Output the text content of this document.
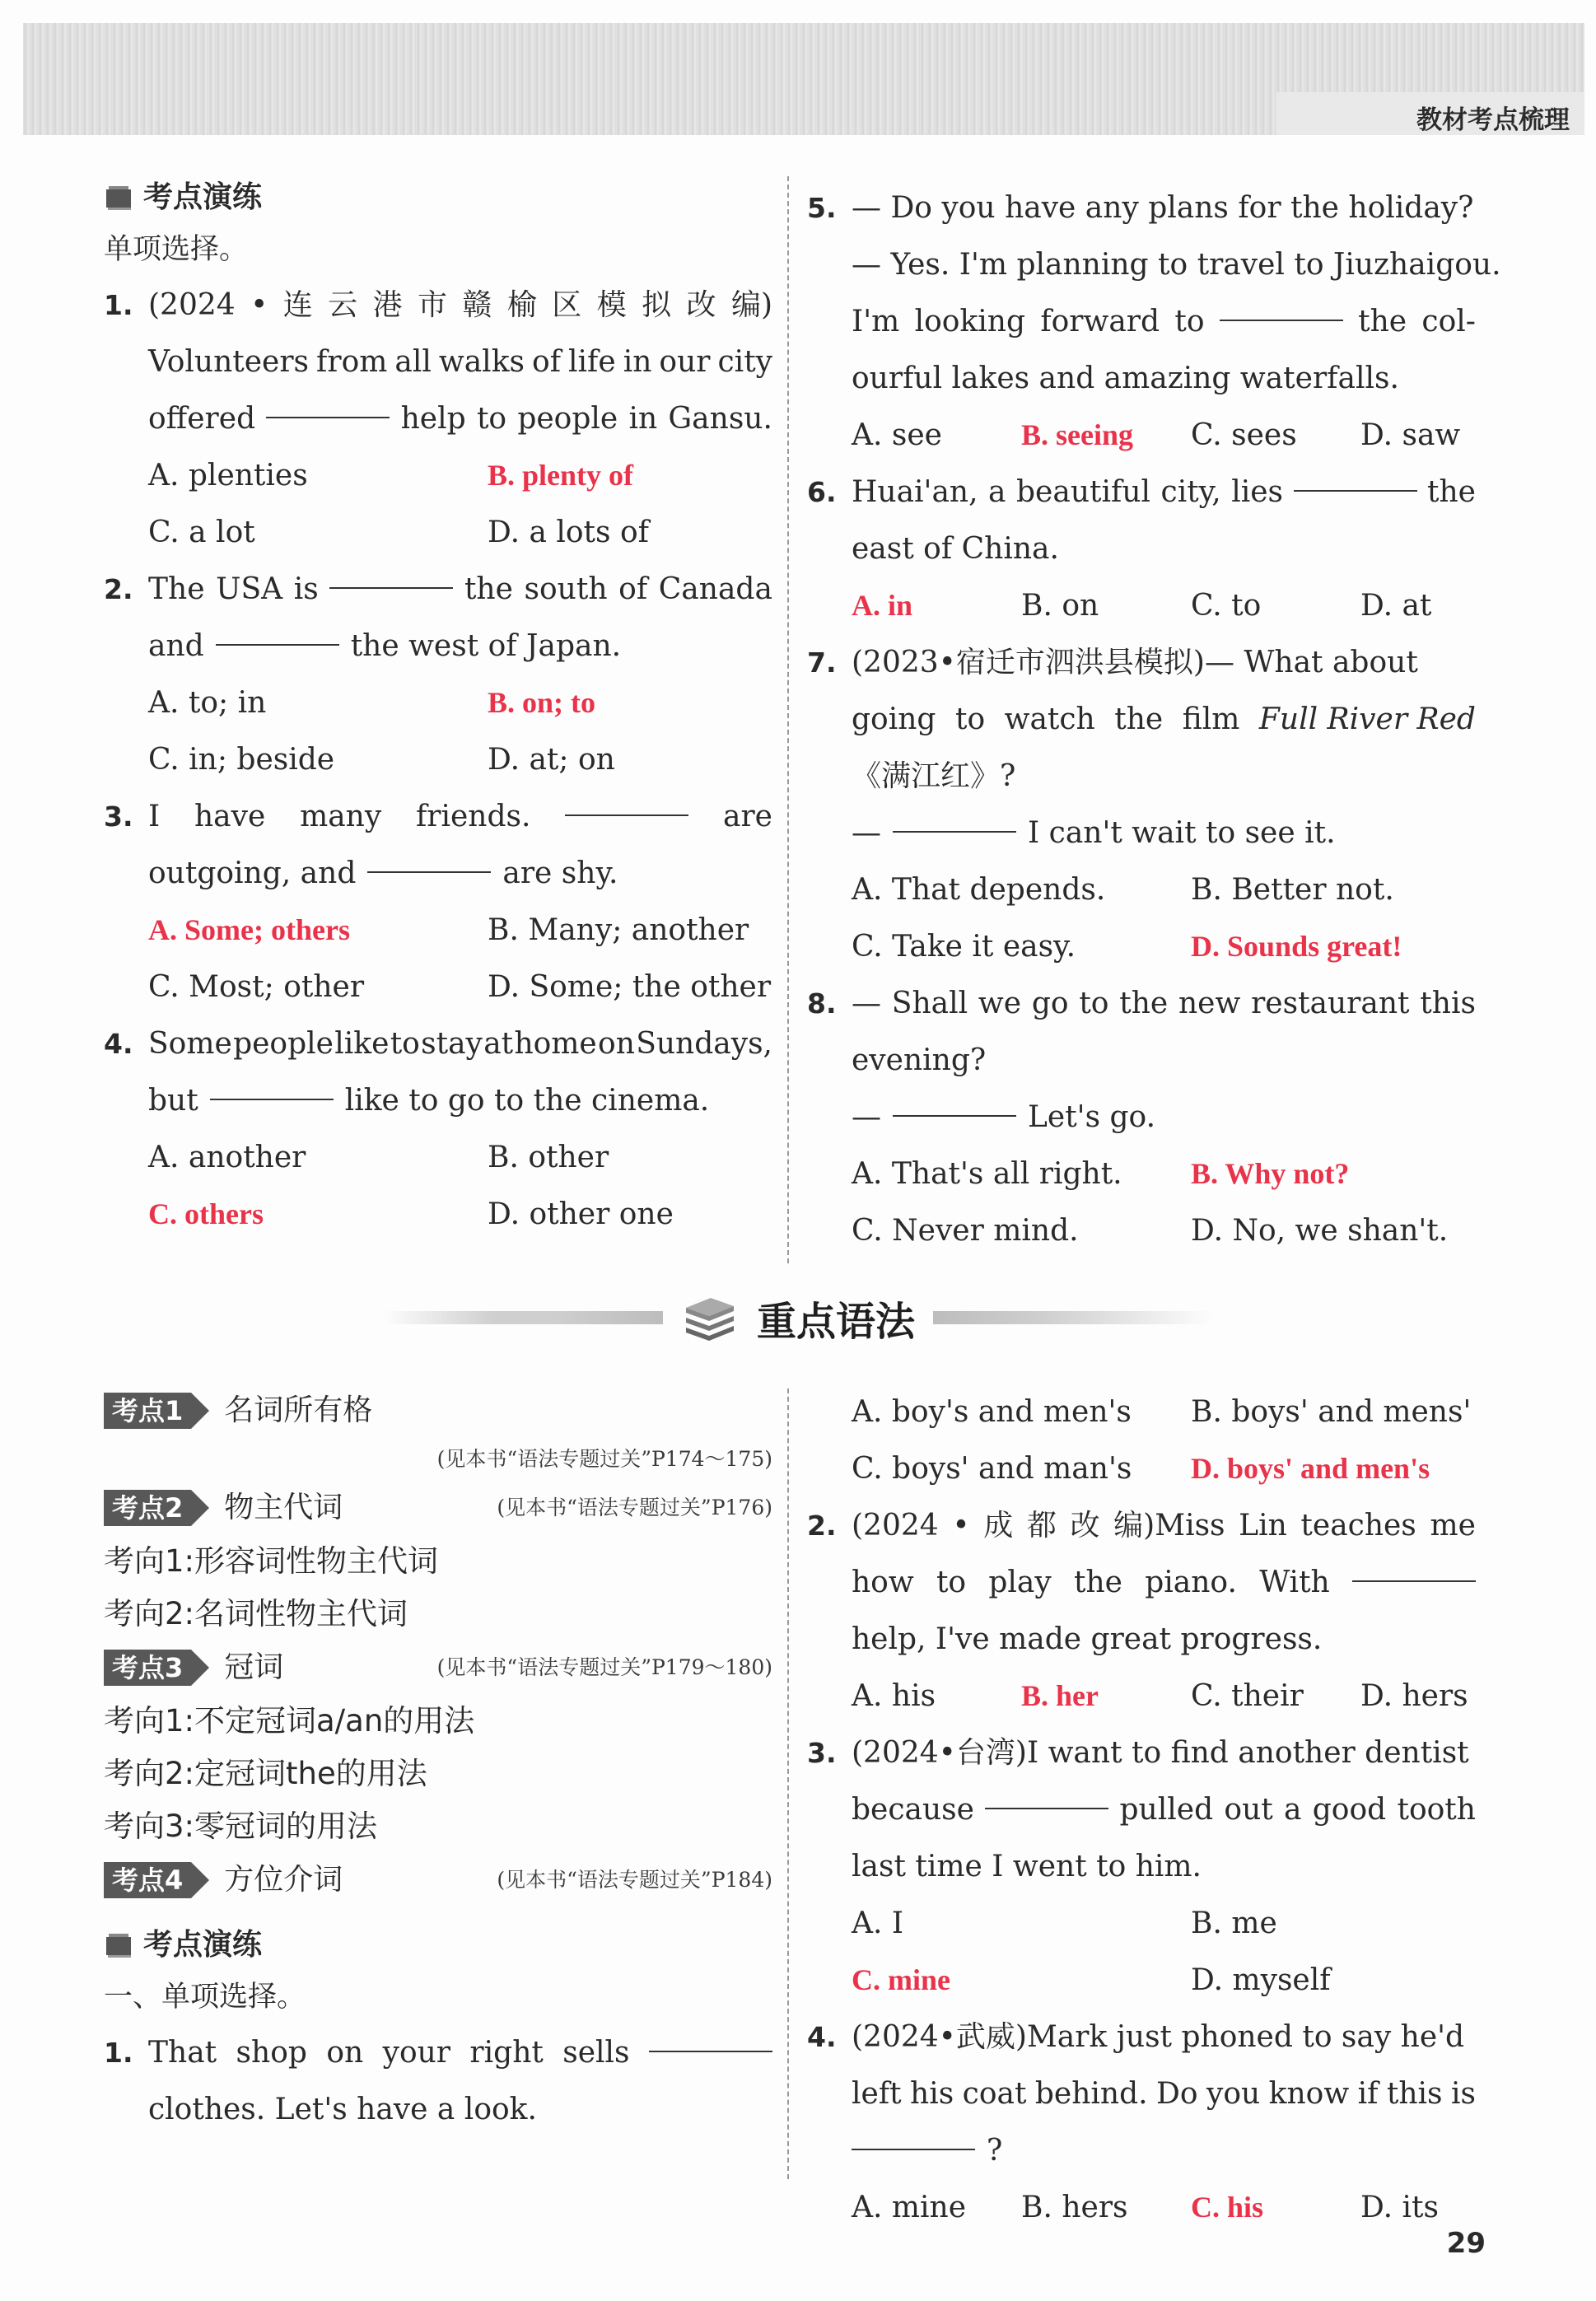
教材考点梳理
考点演练
单项选择。
1. (2024 • 连 云 港 市 赣 榆 区 模 拟 改 编)
Volunteers from all walks of life in our city
offered	help to people in Gansu.
A. plenties	B. plenty of
C. a lot	D. a lots of
2. The USA is	the south of Canada
and	the west of Japan.
A. to; in	B. on; to
C. in; beside	D. at; on
3. I have many friends.	are
outgoing, and	are shy.
A. Some; others	B. Many; another
C. Most; other	D. Some; the other
4. Some people like to stay at home on Sundays,
but	like to go to the cinema.
A. another	B. other
C. others	D. other one
5. — Do you have any plans for the holiday?
— Yes. I'm planning to travel to Jiuzhaigou.
I'm looking forward to	the col-
ourful lakes and amazing waterfalls.
A. see	B. seeing C. sees D. saw
6. Huai'an, a beautiful city, lies	the
east of China.
A. in	B. on	C. to	D. at
7. (2023•宿迁市泗洪县模拟)— What about
going to watch the film Full River Red
《满江红》?
—	I can't wait to see it.
A. That depends.	B. Better not.
C. Take it easy.	D. Sounds great!
8. — Shall we go to the new restaurant this
evening?
—	Let's go.
A. That's all right. B. Why not?
C. Never mind.	D. No, we shan't.
重点语法
考点1 名词所有格
(见本书“语法专题过关”P174～175)
考点2 物主代词	(见本书“语法专题过关”P176)
考向1:形容词性物主代词
考向2:名词性物主代词
考点3 冠词	(见本书“语法专题过关”P179～180)
考向1:不定冠词a/an的用法
考向2:定冠词the的用法
考向3:零冠词的用法
考点4 方位介词	(见本书“语法专题过关”P184)
考点演练
一、单项选择。
1. That shop on your right sells
clothes. Let's have a look.
A. boy's and men's B. boys' and mens'
C. boys' and man's D. boys' and men's
2. (2024 • 成 都 改 编)Miss Lin teaches me
how to play the piano. With
help, I've made great progress.
A. his	B. her	C. their D. hers
3. (2024•台湾)I want to find another dentist
because	pulled out a good tooth
last time I went to him.
A. I	B. me
C. mine	D. myself
4. (2024•武威)Mark just phoned to say he'd
left his coat behind. Do you know if this is
?
A. mine B. hers C. his	D. its
29
